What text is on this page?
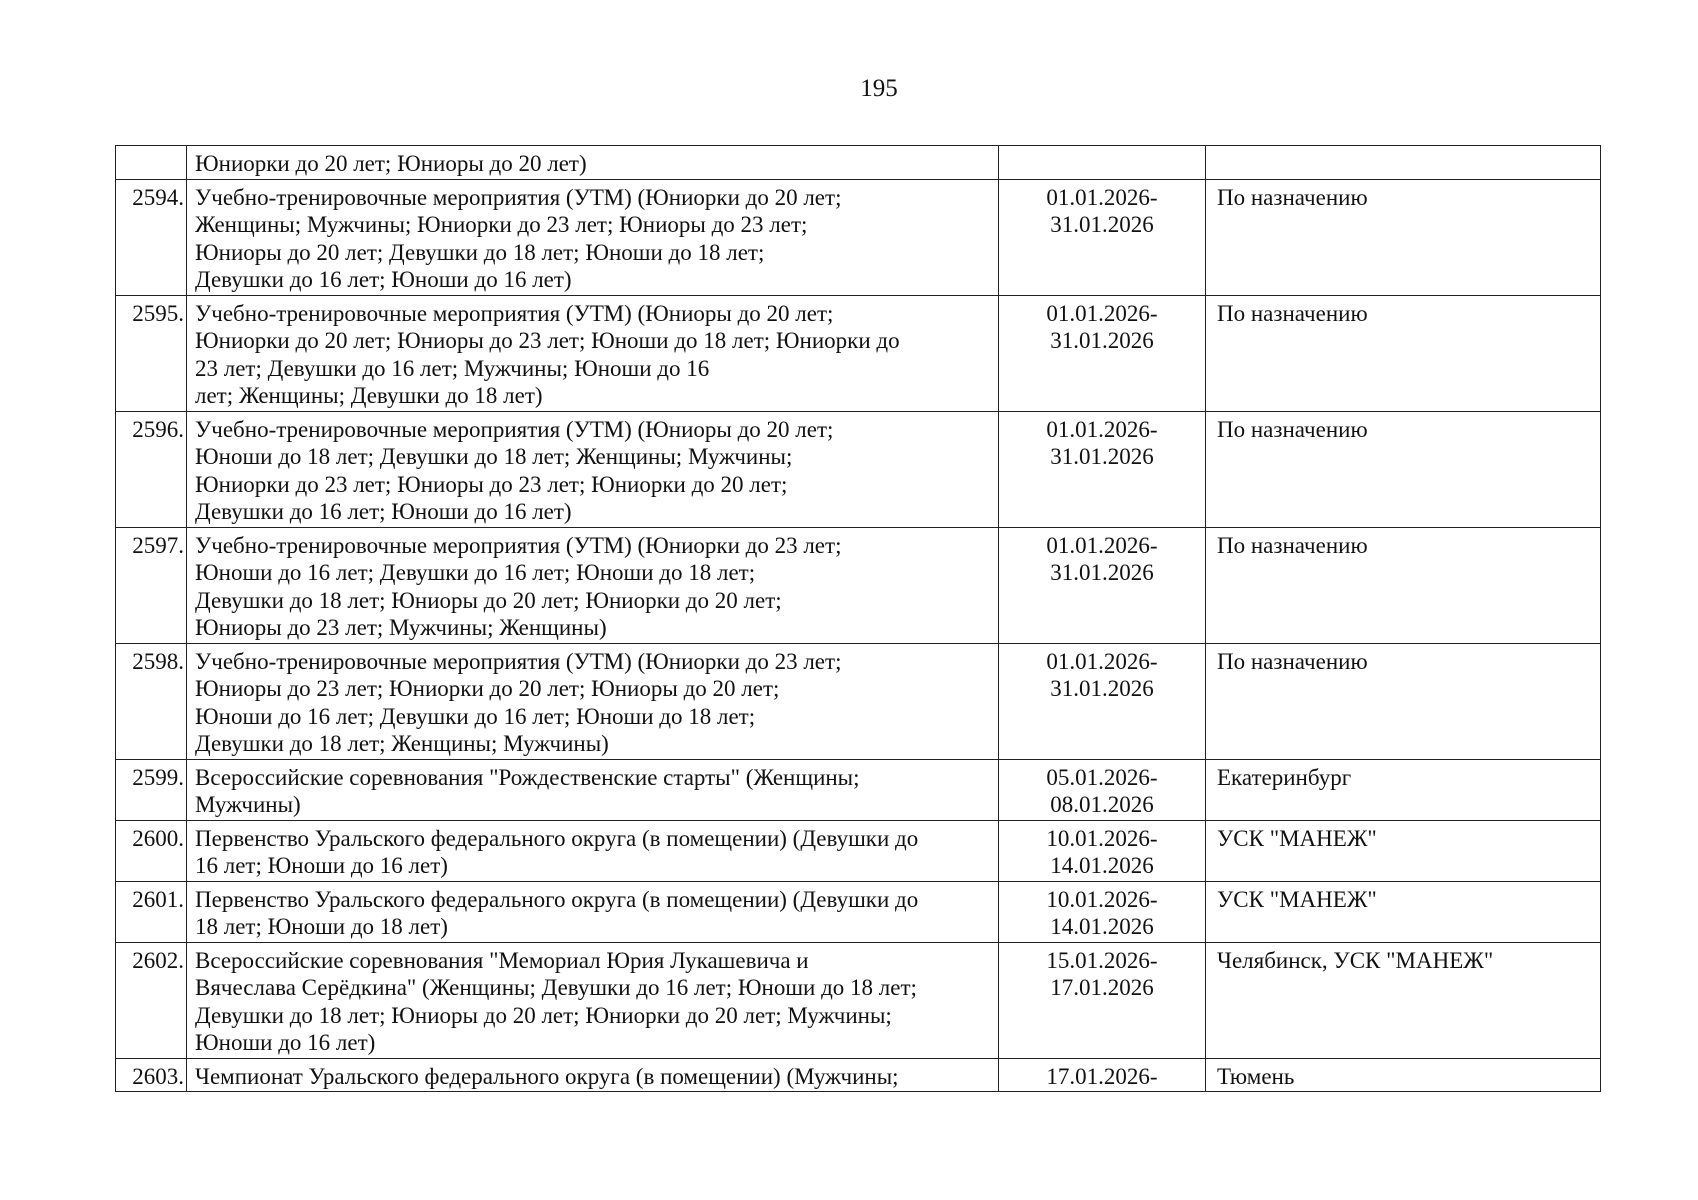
195

	Юниорки до 20 лет; Юниоры до 20 лет)		

2594.	Учебно-тренировочные мероприятия (УТМ) (Юниорки до 20 лет;
Женщины; Мужчины; Юниорки до 23 лет; Юниоры до 23 лет;
Юниоры до 20 лет; Девушки до 18 лет; Юноши до 18 лет;
Девушки до 16 лет; Юноши до 16 лет)	01.01.2026-
31.01.2026	По назначению
2595.	Учебно-тренировочные мероприятия (УТМ) (Юниоры до 20 лет;
Юниорки до 20 лет; Юниоры до 23 лет; Юноши до 18 лет; Юниорки до
23 лет; Девушки до 16 лет; Мужчины; Юноши до 16
лет; Женщины; Девушки до 18 лет)	01.01.2026-
31.01.2026	По назначению
2596.	Учебно-тренировочные мероприятия (УТМ) (Юниоры до 20 лет;
Юноши до 18 лет; Девушки до 18 лет; Женщины; Мужчины;
Юниорки до 23 лет; Юниоры до 23 лет; Юниорки до 20 лет;
Девушки до 16 лет; Юноши до 16 лет)	01.01.2026-
31.01.2026	По назначению
2597.	Учебно-тренировочные мероприятия (УТМ) (Юниорки до 23 лет;
Юноши до 16 лет; Девушки до 16 лет; Юноши до 18 лет;
Девушки до 18 лет; Юниоры до 20 лет; Юниорки до 20 лет;
Юниоры до 23 лет; Мужчины; Женщины)	01.01.2026-
31.01.2026	По назначению
2598.	Учебно-тренировочные мероприятия (УТМ) (Юниорки до 23 лет;
Юниоры до 23 лет; Юниорки до 20 лет; Юниоры до 20 лет;
Юноши до 16 лет; Девушки до 16 лет; Юноши до 18 лет;
Девушки до 18 лет; Женщины; Мужчины)	01.01.2026-
31.01.2026	По назначению
2599.	Всероссийские соревнования "Рождественские старты" (Женщины;
Мужчины)	05.01.2026-
08.01.2026	Екатеринбург
2600.	Первенство Уральского федерального округа (в помещении) (Девушки до
16 лет; Юноши до 16 лет)	10.01.2026-
14.01.2026	УСК "МАНЕЖ"
2601.	Первенство Уральского федерального округа (в помещении) (Девушки до
18 лет; Юноши до 18 лет)	10.01.2026-
14.01.2026	УСК "МАНЕЖ"
2602.	Всероссийские соревнования "Мемориал Юрия Лукашевича и
Вячеслава Серёдкина" (Женщины; Девушки до 16 лет; Юноши до 18 лет;
Девушки до 18 лет; Юниоры до 20 лет; Юниорки до 20 лет; Мужчины;
Юноши до 16 лет)	15.01.2026-
17.01.2026	Челябинск, УСК "МАНЕЖ"
2603.	Чемпионат Уральского федерального округа (в помещении) (Мужчины;	17.01.2026-	Тюмень
